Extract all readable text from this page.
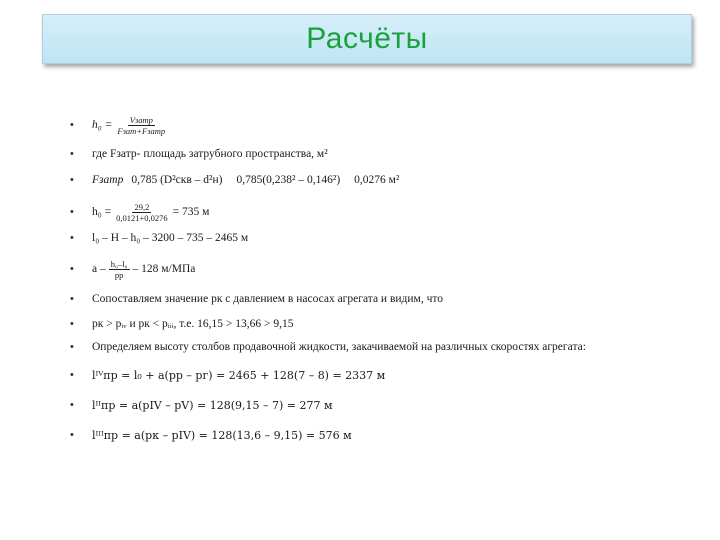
Расчёты
•	$h_0 = \frac{\text{Vзатр}}{\text{Fзат+Fзатр}}$
•	где Fзатр- площадь затрубного пространства, м²
•	Fзатр 0,785 (D²скв – d²н) 0,785(0,238² – 0,146²) 0,0276 м²
•	$h_0 = \frac{29,2}{0,0121+0,0276} = 735$ м
•	l₀ – H – h₀ – 3200 – 735 – 2465 м
•	a – $\frac{\text{h₀–l₀}}{pр} - 128$ м/МПа
•	Сопоставляем значение pк с давлением в насосах агрегата и видим, что
•	pк > pᵢᵥ и pк < pᵢᵢᵢ, т.е. 16,15 > 13,66 > 9,15
•	Определяем высоту столбов продавочной жидкости, закачиваемой на различных скоростях агрегата:
•	lᴵⱽпр = l₀ + a(pр – pг) = 2465 + 128(7 – 8) = 2337 м
•	lᴵᴵпр = a(pIV – pV) = 128(9,15 – 7) = 277 м
•	lᴵᴵᴵпр = a(pк – pIV) = 128(13,6 – 9,15) = 576 м
